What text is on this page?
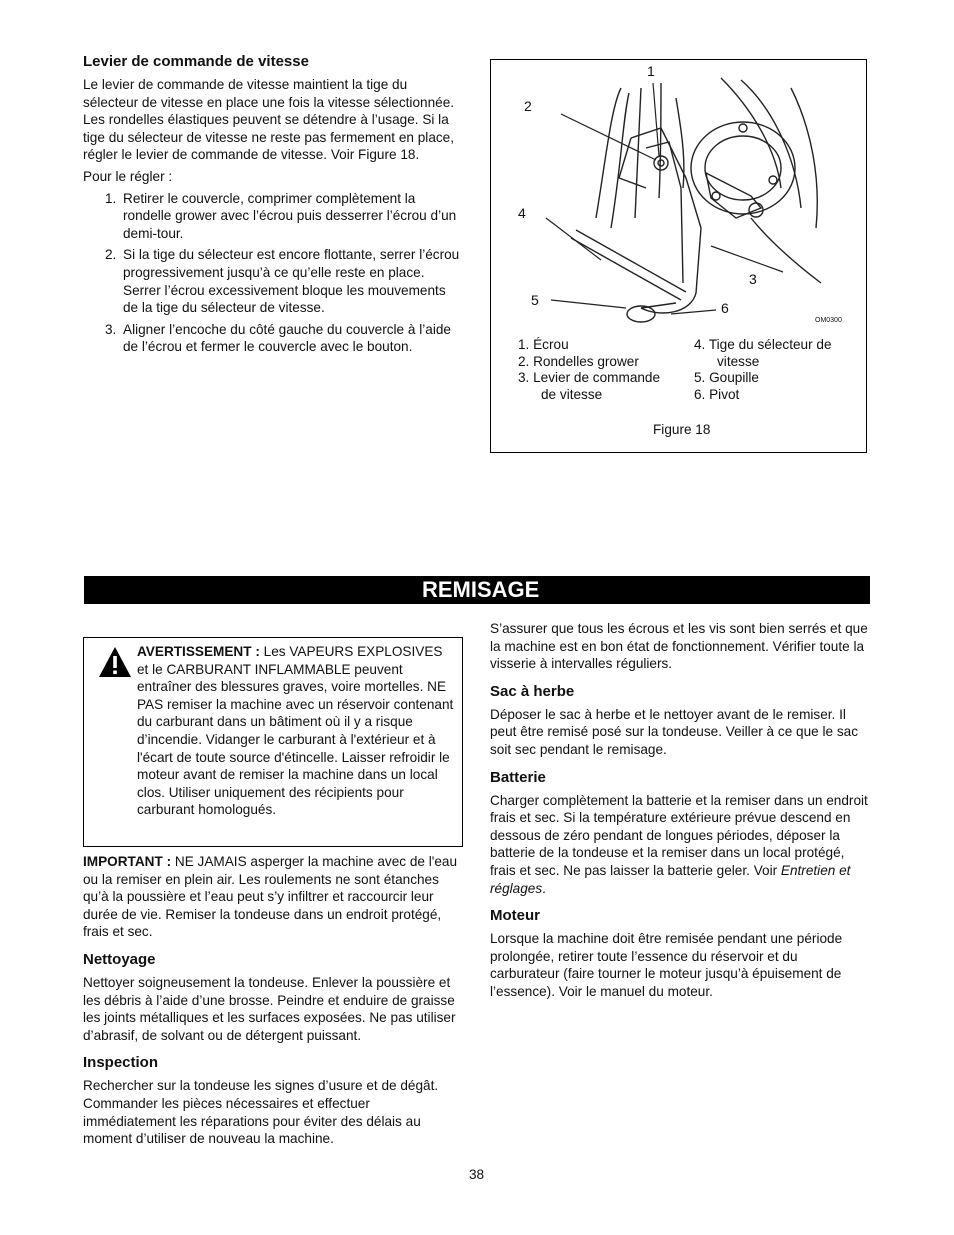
Levier de commande de vitesse

Le levier de commande de vitesse maintient la tige du sélecteur de vitesse en place une fois la vitesse sélectionnée. Les rondelles élastiques peuvent se détendre à l’usage. Si la tige du sélecteur de vitesse ne reste pas fermement en place, régler le levier de commande de vitesse. Voir Figure 18.

Pour le régler :

1. Retirer le couvercle, comprimer complètement la rondelle grower avec l’écrou puis desserrer l’écrou d’un demi-tour.
2. Si la tige du sélecteur est encore flottante, serrer l’écrou progressivement jusqu’à ce qu’elle reste en place. Serrer l’écrou excessivement bloque les mouvements de la tige du sélecteur de vitesse.
3. Aligner l’encoche du côté gauche du couvercle à l’aide de l’écrou et fermer le couvercle avec le bouton.
1
2
3
4
5	6
OM0300
1. Écrou
2. Rondelles grower
3. Levier de commande
de vitesse
4. Tige du sélecteur de
vitesse
5. Goupille
6. Pivot
Figure 18
REMISAGE

AVERTISSEMENT : Les VAPEURS EXPLOSIVES et le CARBURANT INFLAMMABLE peuvent entraîner des blessures graves, voire mortelles. NE PAS remiser la machine avec un réservoir contenant du carburant dans un bâtiment où il y a risque d’incendie. Vidanger le carburant à l'extérieur et à l'écart de toute source d'étincelle. Laisser refroidir le moteur avant de remiser la machine dans un local clos. Utiliser uniquement des récipients pour carburant homologués.

IMPORTANT : NE JAMAIS asperger la machine avec de l'eau ou la remiser en plein air. Les roulements ne sont étanches qu’à la poussière et l’eau peut s’y infiltrer et raccourcir leur durée de vie. Remiser la tondeuse dans un endroit protégé, frais et sec.

Nettoyage

Nettoyer soigneusement la tondeuse. Enlever la poussière et les débris à l’aide d’une brosse. Peindre et enduire de graisse les joints métalliques et les surfaces exposées. Ne pas utiliser d’abrasif, de solvant ou de détergent puissant.

Inspection

Rechercher sur la tondeuse les signes d’usure et de dégât. Commander les pièces nécessaires et effectuer immédiatement les réparations pour éviter des délais au moment d’utiliser de nouveau la machine.

S’assurer que tous les écrous et les vis sont bien serrés et que la machine est en bon état de fonctionnement. Vérifier toute la visserie à intervalles réguliers.

Sac à herbe

Déposer le sac à herbe et le nettoyer avant de le remiser. Il peut être remisé posé sur la tondeuse. Veiller à ce que le sac soit sec pendant le remisage.

Batterie

Charger complètement la batterie et la remiser dans un endroit frais et sec. Si la température extérieure prévue descend en dessous de zéro pendant de longues périodes, déposer la batterie de la tondeuse et la remiser dans un local protégé, frais et sec. Ne pas laisser la batterie geler. Voir Entretien et réglages.

Moteur

Lorsque la machine doit être remisée pendant une période prolongée, retirer toute l’essence du réservoir et du carburateur (faire tourner le moteur jusqu’à épuisement de l’essence). Voir le manuel du moteur.

38
